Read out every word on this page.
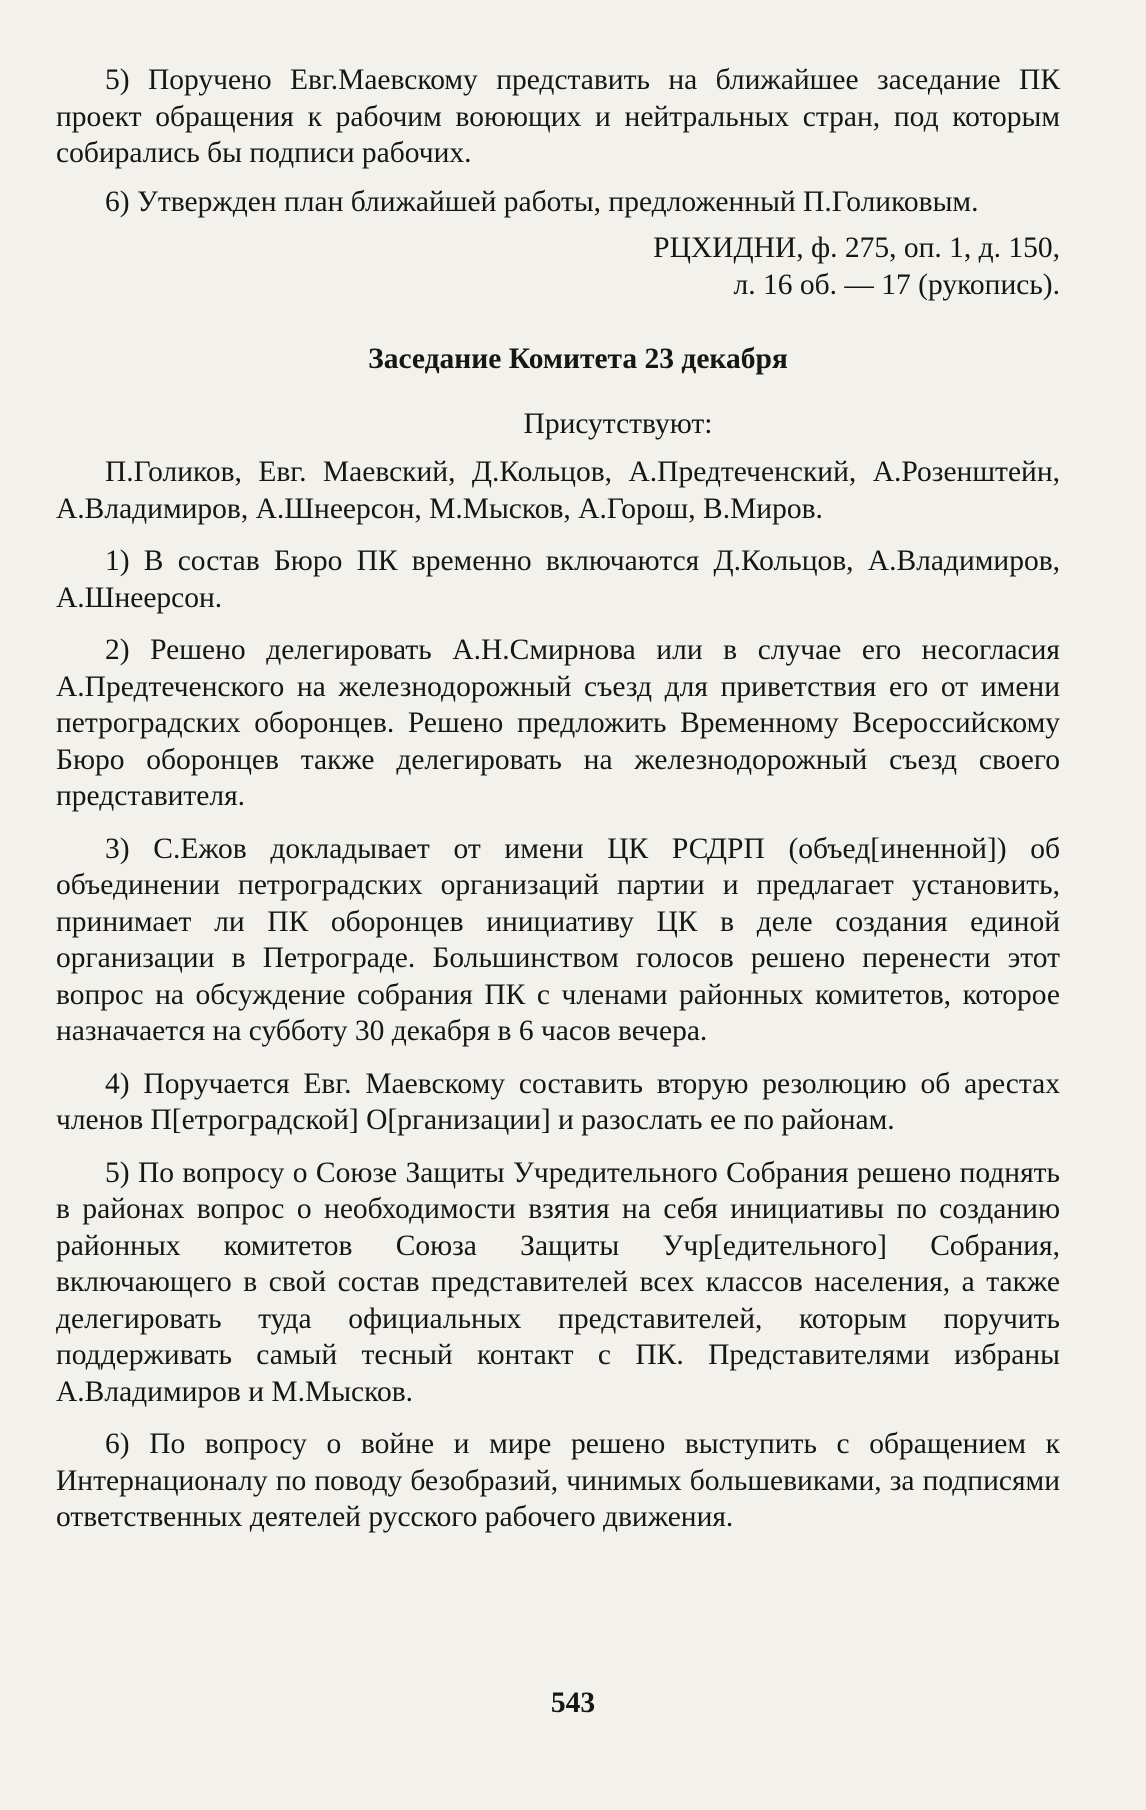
5) Поручено Евг.Маевскому представить на ближайшее заседание ПК проект обращения к рабочим воюющих и нейтральных стран, под которым собирались бы подписи рабочих.

6) Утвержден план ближайшей работы, предложенный П.Голиковым.

РЦХИДНИ, ф. 275, оп. 1, д. 150,
л. 16 об. — 17 (рукопись).
Заседание Комитета 23 декабря
Присутствуют:

П.Голиков, Евг. Маевский, Д.Кольцов, А.Предтеченский, А.Розенштейн, А.Владимиров, А.Шнеерсон, М.Мысков, А.Горош, В.Миров.

1) В состав Бюро ПК временно включаются Д.Кольцов, А.Владимиров, А.Шнеерсон.

2) Решено делегировать А.Н.Смирнова или в случае его несогласия А.Предтеченского на железнодорожный съезд для приветствия его от имени петроградских оборонцев. Решено предложить Временному Всероссийскому Бюро оборонцев также делегировать на железнодорожный съезд своего представителя.

3) С.Ежов докладывает от имени ЦК РСДРП (объед[иненной]) об объединении петроградских организаций партии и предлагает установить, принимает ли ПК оборонцев инициативу ЦК в деле создания единой организации в Петрограде. Большинством голосов решено перенести этот вопрос на обсуждение собрания ПК с членами районных комитетов, которое назначается на субботу 30 декабря в 6 часов вечера.

4) Поручается Евг. Маевскому составить вторую резолюцию об арестах членов П[етроградской] О[рганизации] и разослать ее по районам.

5) По вопросу о Союзе Защиты Учредительного Собрания решено поднять в районах вопрос о необходимости взятия на себя инициативы по созданию районных комитетов Союза Защиты Учр[едительного] Собрания, включающего в свой состав представителей всех классов населения, а также делегировать туда официальных представителей, которым поручить поддерживать самый тесный контакт с ПК. Представителями избраны А.Владимиров и М.Мысков.

6) По вопросу о войне и мире решено выступить с обращением к Интернационалу по поводу безобразий, чинимых большевиками, за подписями ответственных деятелей русского рабочего движения.

543
